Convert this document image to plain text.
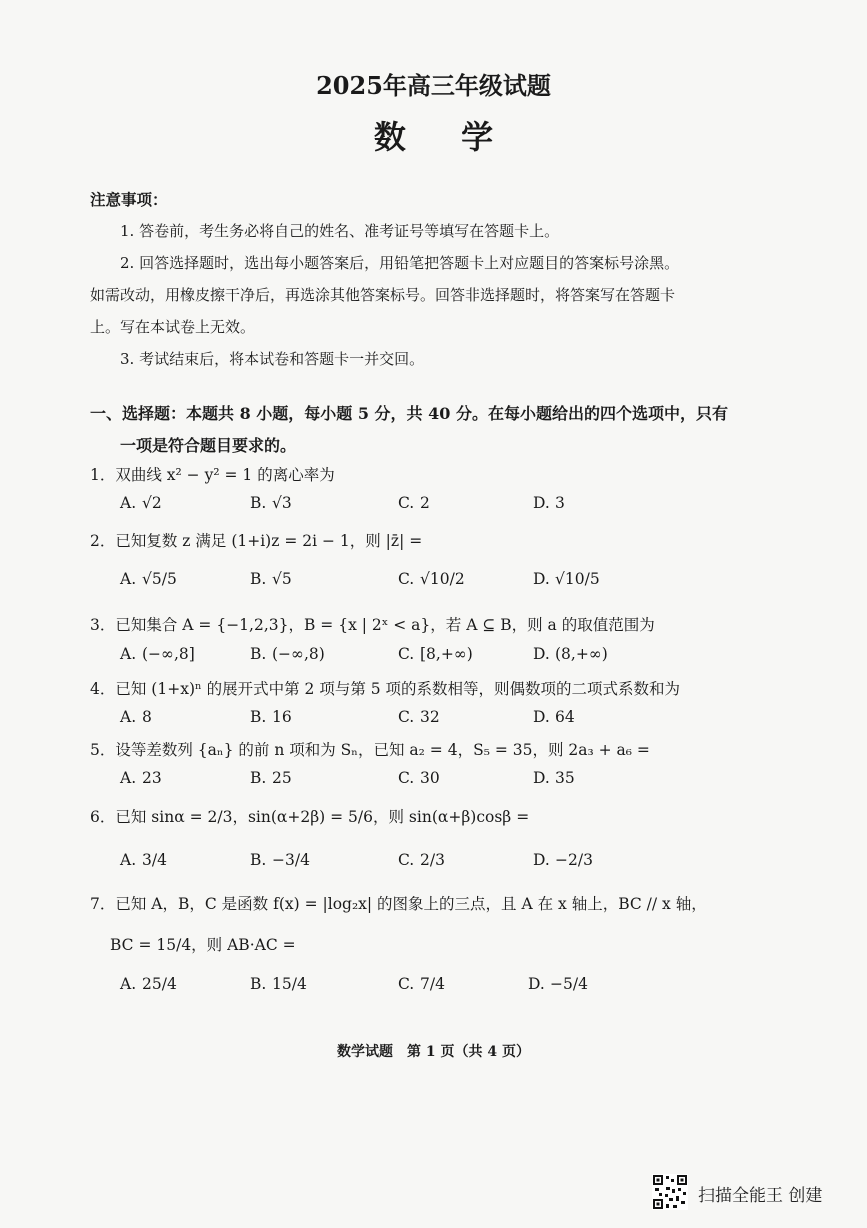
2025年高三年级试题
数 学
注意事项：
1. 答卷前，考生务必将自己的姓名、准考证号等填写在答题卡上。
2. 回答选择题时，选出每小题答案后，用铅笔把答题卡上对应题目的答案标号涂黑。
如需改动，用橡皮擦干净后，再选涂其他答案标号。回答非选择题时，将答案写在答题卡
上。写在本试卷上无效。
3. 考试结束后，将本试卷和答题卡一并交回。
一、选择题：本题共 8 小题，每小题 5 分，共 40 分。在每小题给出的四个选项中，只有
一项是符合题目要求的。
1．双曲线 x² − y² = 1 的离心率为
A. √2	B. √3	C. 2	D. 3
2．已知复数 z 满足 (1+i)z = 2i − 1，则 |z̄| =
A. √5/5	B. √5	C. √10/2	D. √10/5
3．已知集合 A = {−1,2,3}，B = {x | 2ˣ < a}，若 A ⊆ B，则 a 的取值范围为
A. (−∞,8]	B. (−∞,8)	C. [8,+∞)	D. (8,+∞)
4．已知 (1+x)ⁿ 的展开式中第 2 项与第 5 项的系数相等，则偶数项的二项式系数和为
A. 8	B. 16	C. 32	D. 64
5．设等差数列 {aₙ} 的前 n 项和为 Sₙ，已知 a₂ = 4，S₅ = 35，则 2a₃ + a₆ =
A. 23	B. 25	C. 30	D. 35
6．已知 sinα = 2/3，sin(α+2β) = 5/6，则 sin(α+β)cosβ =
A. 3/4	B. −3/4	C. 2/3	D. −2/3
7．已知 A，B，C 是函数 f(x) = |log₂x| 的图象上的三点，且 A 在 x 轴上，BC // x 轴，
BC = 15/4，则 AB·AC =
A. 25/4	B. 15/4	C. 7/4	D. −5/4
数学试题　第 1 页（共 4 页）
扫描全能王 创建
